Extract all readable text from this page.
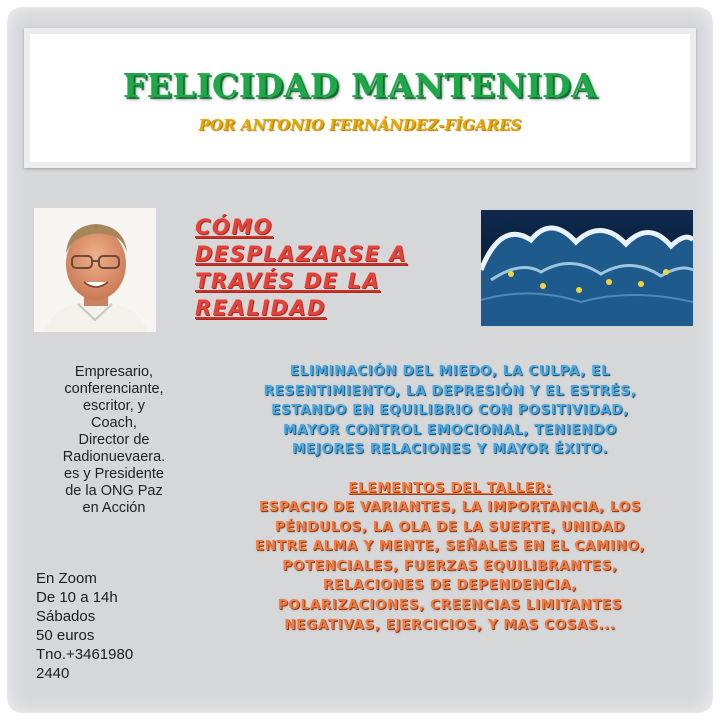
FELICIDAD MANTENIDA
POR ANTONIO FERNÁNDEZ-FÍGARES
CÓMO
DESPLAZARSE A
TRAVÉS DE LA
REALIDAD
Empresario,
conferenciante,
escritor, y
Coach,
Director de
Radionuevaera.
es y Presidente
de la ONG Paz
en Acción
En Zoom
De 10 a 14h
Sábados
50 euros
Tno.+3461980
2440
ELIMINACIÓN DEL MIEDO, LA CULPA, EL
RESENTIMIENTO, LA DEPRESIÓN Y EL ESTRÉS,
ESTANDO EN EQUILIBRIO CON POSITIVIDAD,
MAYOR CONTROL EMOCIONAL, TENIENDO
MEJORES RELACIONES Y MAYOR ÉXITO.
ELEMENTOS DEL TALLER:
ESPACIO DE VARIANTES, LA IMPORTANCIA, LOS
PÉNDULOS, LA OLA DE LA SUERTE, UNIDAD
ENTRE ALMA Y MENTE, SEÑALES EN EL CAMINO,
POTENCIALES, FUERZAS EQUILIBRANTES,
RELACIONES DE DEPENDENCIA,
POLARIZACIONES, CREENCIAS LIMITANTES
NEGATIVAS, EJERCICIOS, Y MAS COSAS...
